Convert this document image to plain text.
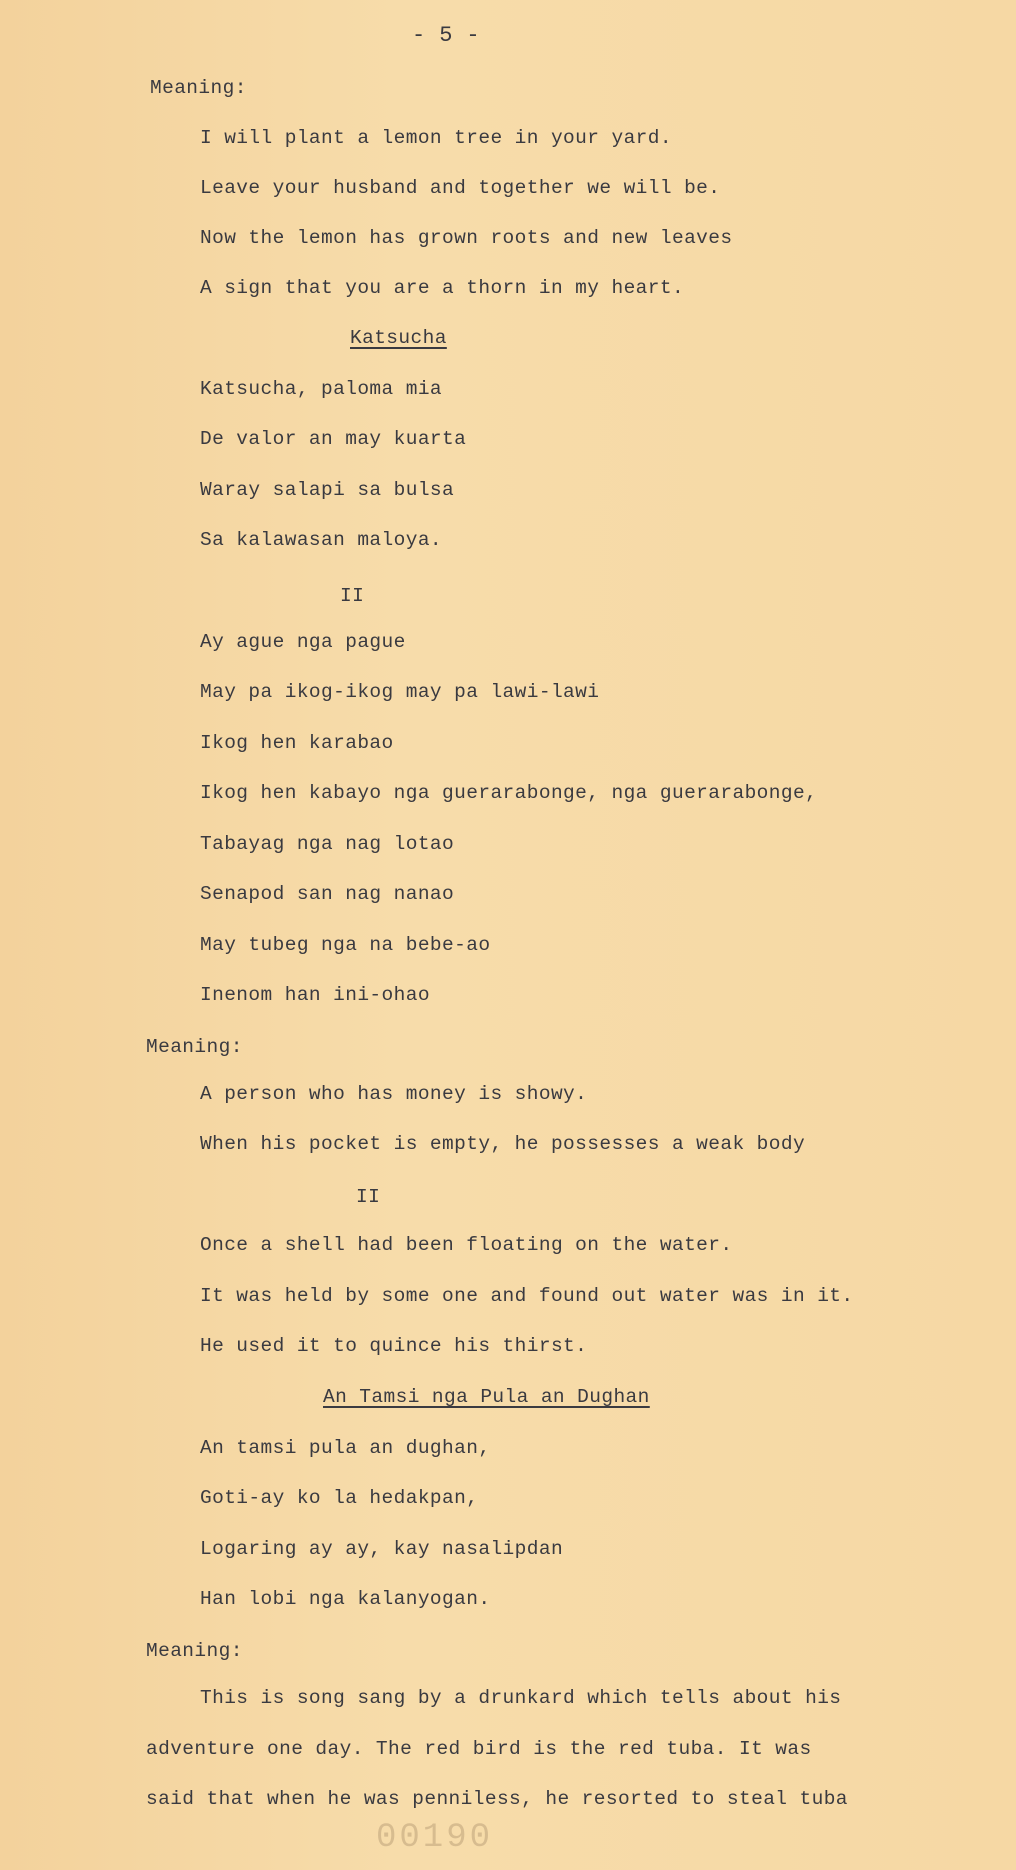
- 5 -
Meaning:
I will plant a lemon tree in your yard.
Leave your husband and together we will be.
Now the lemon has grown roots and new leaves
A sign that you are a thorn in my heart.
Katsucha
Katsucha, paloma mia
De valor an may kuarta
Waray salapi sa bulsa
Sa kalawasan maloya.
II
Ay ague nga pague
May pa ikog-ikog may pa lawi-lawi
Ikog hen karabao
Ikog hen kabayo nga guerarabonge, nga guerarabonge,
Tabayag nga nag lotao
Senapod san nag nanao
May tubeg nga na bebe-ao
Inenom han ini-ohao
Meaning:
A person who has money is showy.
When his pocket is empty, he possesses a weak body
II
Once a shell had been floating on the water.
It was held by some one and found out water was in it.
He used it to quince his thirst.
An Tamsi nga Pula an Dughan
An tamsi pula an dughan,
Goti-ay ko la hedakpan,
Logaring ay ay, kay nasalipdan
Han lobi nga kalanyogan.
Meaning:
This is song sang by a drunkard which tells about his
adventure one day. The red bird is the red tuba. It was
said that when he was penniless, he resorted to steal tuba
00190
